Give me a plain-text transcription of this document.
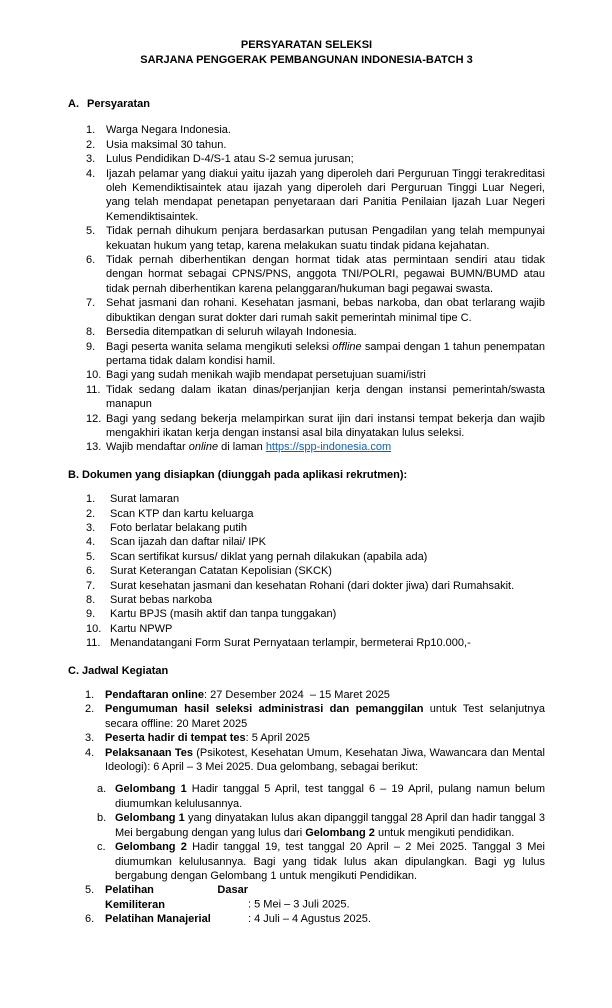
PERSYARATAN SELEKSI
SARJANA PENGGERAK PEMBANGUNAN INDONESIA-BATCH 3
A. Persyaratan
1. Warga Negara Indonesia.
2. Usia maksimal 30 tahun.
3. Lulus Pendidikan D-4/S-1 atau S-2 semua jurusan;
4. Ijazah pelamar yang diakui yaitu ijazah yang diperoleh dari Perguruan Tinggi terakreditasi oleh Kemendiktisaintek atau ijazah yang diperoleh dari Perguruan Tinggi Luar Negeri, yang telah mendapat penetapan penyetaraan dari Panitia Penilaian Ijazah Luar Negeri Kemendiktisaintek.
5. Tidak pernah dihukum penjara berdasarkan putusan Pengadilan yang telah mempunyai kekuatan hukum yang tetap, karena melakukan suatu tindak pidana kejahatan.
6. Tidak pernah diberhentikan dengan hormat tidak atas permintaan sendiri atau tidak dengan hormat sebagai CPNS/PNS, anggota TNI/POLRI, pegawai BUMN/BUMD atau tidak pernah diberhentikan karena pelanggaran/hukuman bagi pegawai swasta.
7. Sehat jasmani dan rohani. Kesehatan jasmani, bebas narkoba, dan obat terlarang wajib dibuktikan dengan surat dokter dari rumah sakit pemerintah minimal tipe C.
8. Bersedia ditempatkan di seluruh wilayah Indonesia.
9. Bagi peserta wanita selama mengikuti seleksi offline sampai dengan 1 tahun penempatan pertama tidak dalam kondisi hamil.
10. Bagi yang sudah menikah wajib mendapat persetujuan suami/istri
11. Tidak sedang dalam ikatan dinas/perjanjian kerja dengan instansi pemerintah/swasta manapun
12. Bagi yang sedang bekerja melampirkan surat ijin dari instansi tempat bekerja dan wajib mengakhiri ikatan kerja dengan instansi asal bila dinyatakan lulus seleksi.
13. Wajib mendaftar online di laman https://spp-indonesia.com
B. Dokumen yang disiapkan (diunggah pada aplikasi rekrutmen):
1.	Surat lamaran
2.	Scan KTP dan kartu keluarga
3.	Foto berlatar belakang putih
4.	Scan ijazah dan daftar nilai/ IPK
5.	Scan sertifikat kursus/ diklat yang pernah dilakukan (apabila ada)
6.	Surat Keterangan Catatan Kepolisian (SKCK)
7.	Surat kesehatan jasmani dan kesehatan Rohani (dari dokter jiwa) dari Rumahsakit.
8.	Surat bebas narkoba
9.	Kartu BPJS (masih aktif dan tanpa tunggakan)
10. Kartu NPWP
11. Menandatangani Form Surat Pernyataan terlampir, bermeterai Rp10.000,-
C. Jadwal Kegiatan
1. Pendaftaran online: 27 Desember 2024  – 15 Maret 2025
2. Pengumuman hasil seleksi administrasi dan pemanggilan untuk Test selanjutnya secara offline: 20 Maret 2025
3. Peserta hadir di tempat tes: 5 April 2025
4. Pelaksanaan Tes (Psikotest, Kesehatan Umum, Kesehatan Jiwa, Wawancara dan Mental Ideologi): 6 April – 3 Mei 2025. Dua gelombang, sebagai berikut:
a. Gelombang 1 Hadir tanggal 5 April, test tanggal 6 – 19 April, pulang namun belum diumumkan kelulusannya.
b. Gelombang 1 yang dinyatakan lulus akan dipanggil tanggal 28 April dan hadir tanggal 3 Mei bergabung dengan yang lulus dari Gelombang 2 untuk mengikuti pendidikan.
c. Gelombang 2 Hadir tanggal 19, test tanggal 20 April – 2 Mei 2025. Tanggal 3 Mei diumumkan kelulusannya. Bagi yang tidak lulus akan dipulangkan. Bagi yg lulus bergabung dengan Gelombang 1 untuk mengikuti Pendidikan.
5. Pelatihan Dasar Kemiliteran	: 5 Mei – 3 Juli 2025.
6. Pelatihan Manajerial	: 4 Juli – 4 Agustus 2025.
